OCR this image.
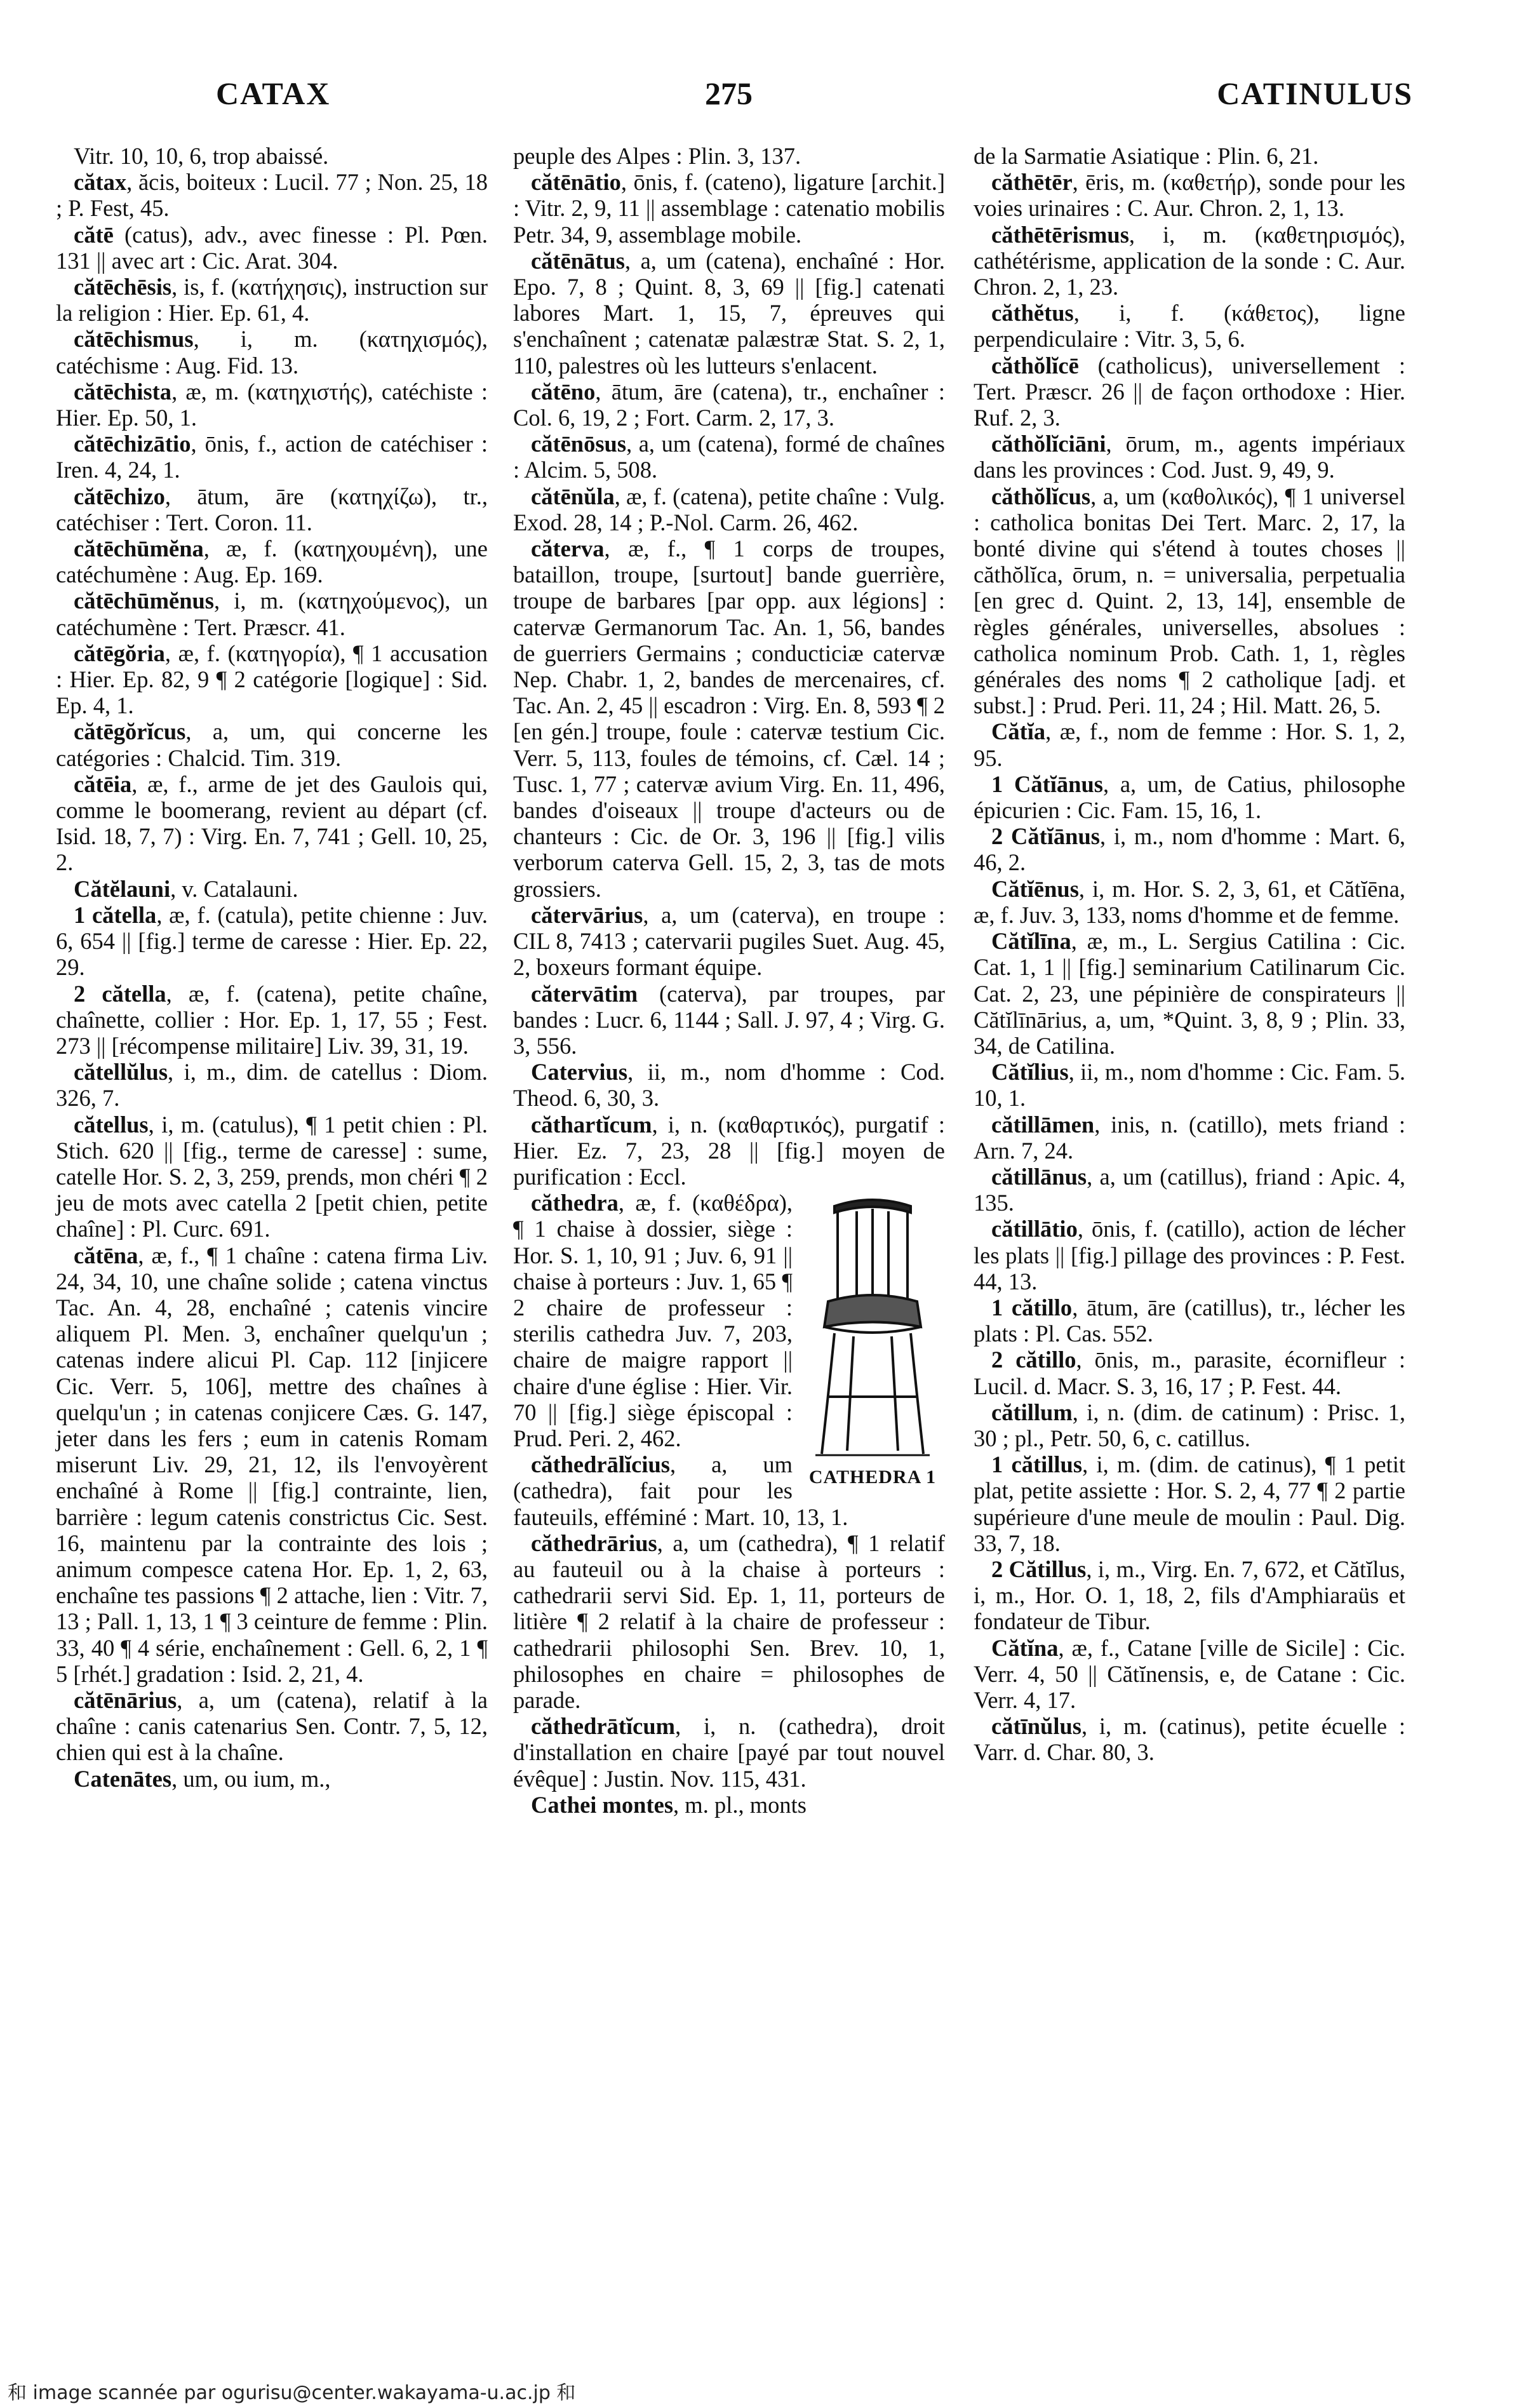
CATAX	275	CATINULUS

Vitr. 10, 10, 6, trop abaissé.

cătax, ăcis, boiteux : Lucil. 77 ; Non. 25, 18 ; P. Fest, 45.

cătē (catus), adv., avec finesse : Pl. Pœn. 131 || avec art : Cic. Arat. 304.

cătēchēsis, is, f. (κατήχησις), instruction sur la religion : Hier. Ep. 61, 4.

cătēchismus, i, m. (κατηχισμός), catéchisme : Aug. Fid. 13.

cătēchista, æ, m. (κατηχιστής), catéchiste : Hier. Ep. 50, 1.

cătēchizātio, ōnis, f., action de catéchiser : Iren. 4, 24, 1.

cătēchizo, ātum, āre (κατηχίζω), tr., catéchiser : Tert. Coron. 11.

cătēchūmĕna, æ, f. (κατηχουμένη), une catéchumène : Aug. Ep. 169.

cătēchūmĕnus, i, m. (κατηχούμενος), un catéchumène : Tert. Præscr. 41.

cătēgŏria, æ, f. (κατηγορία), ¶ 1 accusation : Hier. Ep. 82, 9 ¶ 2 catégorie [logique] : Sid. Ep. 4, 1.

cătēgŏrĭcus, a, um, qui concerne les catégories : Chalcid. Tim. 319.

cătēia, æ, f., arme de jet des Gaulois qui, comme le boomerang, revient au départ (cf. Isid. 18, 7, 7) : Virg. En. 7, 741 ; Gell. 10, 25, 2.

Cătĕlauni, v. Catalauni.

1 cătella, æ, f. (catula), petite chienne : Juv. 6, 654 || [fig.] terme de caresse : Hier. Ep. 22, 29.

2 cătella, æ, f. (catena), petite chaîne, chaînette, collier : Hor. Ep. 1, 17, 55 ; Fest. 273 || [récompense militaire] Liv. 39, 31, 19.

cătellŭlus, i, m., dim. de catellus : Diom. 326, 7.

cătellus, i, m. (catulus), ¶ 1 petit chien : Pl. Stich. 620 || [fig., terme de caresse] : sume, catelle Hor. S. 2, 3, 259, prends, mon chéri ¶ 2 jeu de mots avec catella 2 [petit chien, petite chaîne] : Pl. Curc. 691.

cătēna, æ, f., ¶ 1 chaîne : catena firma Liv. 24, 34, 10, une chaîne solide ; catena vinctus Tac. An. 4, 28, enchaîné ; catenis vincire aliquem Pl. Men. 3, enchaîner quelqu'un ; catenas indere alicui Pl. Cap. 112 [injicere Cic. Verr. 5, 106], mettre des chaînes à quelqu'un ; in catenas conjicere Cæs. G. 147, jeter dans les fers ; eum in catenis Romam miserunt Liv. 29, 21, 12, ils l'envoyèrent enchaîné à Rome || [fig.] contrainte, lien, barrière : legum catenis constrictus Cic. Sest. 16, maintenu par la contrainte des lois ; animum compesce catena Hor. Ep. 1, 2, 63, enchaîne tes passions ¶ 2 attache, lien : Vitr. 7, 13 ; Pall. 1, 13, 1 ¶ 3 ceinture de femme : Plin. 33, 40 ¶ 4 série, enchaînement : Gell. 6, 2, 1 ¶ 5 [rhét.] gradation : Isid. 2, 21, 4.

cătēnārius, a, um (catena), relatif à la chaîne : canis catenarius Sen. Contr. 7, 5, 12, chien qui est à la chaîne.

Catenātes, um, ou ium, m.,

peuple des Alpes : Plin. 3, 137.

cătēnātio, ōnis, f. (cateno), ligature [archit.] : Vitr. 2, 9, 11 || assemblage : catenatio mobilis Petr. 34, 9, assemblage mobile.

cătēnātus, a, um (catena), enchaîné : Hor. Epo. 7, 8 ; Quint. 8, 3, 69 || [fig.] catenati labores Mart. 1, 15, 7, épreuves qui s'enchaînent ; catenatæ palæstræ Stat. S. 2, 1, 110, palestres où les lutteurs s'enlacent.

cătēno, ātum, āre (catena), tr., enchaîner : Col. 6, 19, 2 ; Fort. Carm. 2, 17, 3.

cătēnōsus, a, um (catena), formé de chaînes : Alcim. 5, 508.

cătēnŭla, æ, f. (catena), petite chaîne : Vulg. Exod. 28, 14 ; P.-Nol. Carm. 26, 462.

căterva, æ, f., ¶ 1 corps de troupes, bataillon, troupe, [surtout] bande guerrière, troupe de barbares [par opp. aux légions] : catervæ Germanorum Tac. An. 1, 56, bandes de guerriers Germains ; conducticiæ catervæ Nep. Chabr. 1, 2, bandes de mercenaires, cf. Tac. An. 2, 45 || escadron : Virg. En. 8, 593 ¶ 2 [en gén.] troupe, foule : catervæ testium Cic. Verr. 5, 113, foules de témoins, cf. Cæl. 14 ; Tusc. 1, 77 ; catervæ avium Virg. En. 11, 496, bandes d'oiseaux || troupe d'acteurs ou de chanteurs : Cic. de Or. 3, 196 || [fig.] vilis verborum caterva Gell. 15, 2, 3, tas de mots grossiers.

cătervārius, a, um (caterva), en troupe : CIL 8, 7413 ; catervarii pugiles Suet. Aug. 45, 2, boxeurs formant équipe.

cătervātim (caterva), par troupes, par bandes : Lucr. 6, 1144 ; Sall. J. 97, 4 ; Virg. G. 3, 556.

Catervius, ii, m., nom d'homme : Cod. Theod. 6, 30, 3.

căthartĭcum, i, n. (καθαρτικός), purgatif : Hier. Ez. 7, 23, 28 || [fig.] moyen de purification : Eccl.

CATHEDRA 1

căthedra, æ, f. (καθέδρα), ¶ 1 chaise à dossier, siège : Hor. S. 1, 10, 91 ; Juv. 6, 91 || chaise à porteurs : Juv. 1, 65 ¶ 2 chaire de professeur : sterilis cathedra Juv. 7, 203, chaire de maigre rapport || chaire d'une église : Hier. Vir. 70 || [fig.] siège épiscopal : Prud. Peri. 2, 462.

căthedrālĭcius, a, um (cathedra), fait pour les fauteuils, efféminé : Mart. 10, 13, 1.

căthedrārius, a, um (cathedra), ¶ 1 relatif au fauteuil ou à la chaise à porteurs : cathedrarii servi Sid. Ep. 1, 11, porteurs de litière ¶ 2 relatif à la chaire de professeur : cathedrarii philosophi Sen. Brev. 10, 1, philosophes en chaire = philosophes de parade.

căthedrātĭcum, i, n. (cathedra), droit d'installation en chaire [payé par tout nouvel évêque] : Justin. Nov. 115, 431.

Cathei montes, m. pl., monts

de la Sarmatie Asiatique : Plin. 6, 21.

căthētēr, ēris, m. (καθετήρ), sonde pour les voies urinaires : C. Aur. Chron. 2, 1, 13.

căthētērismus, i, m. (καθετηρισμός), cathétérisme, application de la sonde : C. Aur. Chron. 2, 1, 23.

căthĕtus, i, f. (κάθετος), ligne perpendiculaire : Vitr. 3, 5, 6.

căthŏlĭcē (catholicus), universellement : Tert. Præscr. 26 || de façon orthodoxe : Hier. Ruf. 2, 3.

căthŏlĭciāni, ōrum, m., agents impériaux dans les provinces : Cod. Just. 9, 49, 9.

căthŏlĭcus, a, um (καθολικός), ¶ 1 universel : catholica bonitas Dei Tert. Marc. 2, 17, la bonté divine qui s'étend à toutes choses || căthŏlĭca, ōrum, n. = universalia, perpetualia [en grec d. Quint. 2, 13, 14], ensemble de règles générales, universelles, absolues : catholica nominum Prob. Cath. 1, 1, règles générales des noms ¶ 2 catholique [adj. et subst.] : Prud. Peri. 11, 24 ; Hil. Matt. 26, 5.

Cătĭa, æ, f., nom de femme : Hor. S. 1, 2, 95.

1 Cătĭānus, a, um, de Catius, philosophe épicurien : Cic. Fam. 15, 16, 1.

2 Cătĭānus, i, m., nom d'homme : Mart. 6, 46, 2.

Cătĭēnus, i, m. Hor. S. 2, 3, 61, et Cătĭēna, æ, f. Juv. 3, 133, noms d'homme et de femme.

Cătĭlīna, æ, m., L. Sergius Catilina : Cic. Cat. 1, 1 || [fig.] seminarium Catilinarum Cic. Cat. 2, 23, une pépinière de conspirateurs || Cătĭlīnārius, a, um, *Quint. 3, 8, 9 ; Plin. 33, 34, de Catilina.

Cătĭlius, ii, m., nom d'homme : Cic. Fam. 5. 10, 1.

cătillāmen, inis, n. (catillo), mets friand : Arn. 7, 24.

cătillānus, a, um (catillus), friand : Apic. 4, 135.

cătillātio, ōnis, f. (catillo), action de lécher les plats || [fig.] pillage des provinces : P. Fest. 44, 13.

1 cătillo, ātum, āre (catillus), tr., lécher les plats : Pl. Cas. 552.

2 cătillo, ōnis, m., parasite, écornifleur : Lucil. d. Macr. S. 3, 16, 17 ; P. Fest. 44.

cătillum, i, n. (dim. de catinum) : Prisc. 1, 30 ; pl., Petr. 50, 6, c. catillus.

1 cătillus, i, m. (dim. de catinus), ¶ 1 petit plat, petite assiette : Hor. S. 2, 4, 77 ¶ 2 partie supérieure d'une meule de moulin : Paul. Dig. 33, 7, 18.

2 Cătillus, i, m., Virg. En. 7, 672, et Cătĭlus, i, m., Hor. O. 1, 18, 2, fils d'Amphiaraüs et fondateur de Tibur.

Cătĭna, æ, f., Catane [ville de Sicile] : Cic. Verr. 4, 50 || Cătĭnensis, e, de Catane : Cic. Verr. 4, 17.

cătīnŭlus, i, m. (catinus), petite écuelle : Varr. d. Char. 80, 3.

和 image scannée par ogurisu@center.wakayama-u.ac.jp 和
